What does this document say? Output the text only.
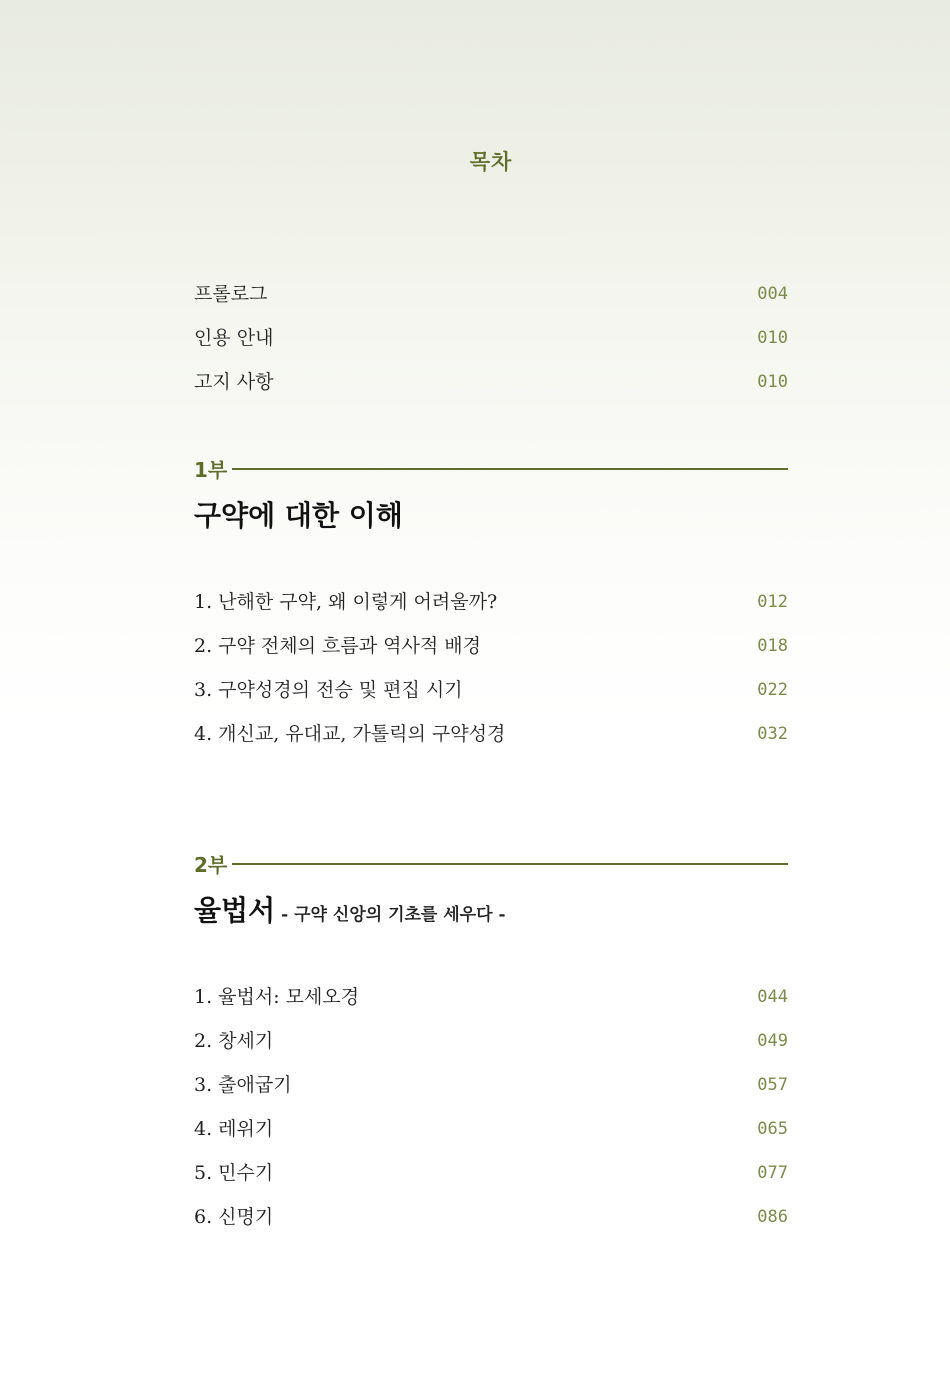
목차
프롤로그	004
인용 안내	010
고지 사항	010
1부
구약에 대한 이해
1. 난해한 구약, 왜 이렇게 어려울까?	012
2. 구약 전체의 흐름과 역사적 배경	018
3. 구약성경의 전승 및 편집 시기	022
4. 개신교, 유대교, 가톨릭의 구약성경	032
2부
율법서 - 구약 신앙의 기초를 세우다 -
1. 율법서: 모세오경	044
2. 창세기	049
3. 출애굽기	057
4. 레위기	065
5. 민수기	077
6. 신명기	086
